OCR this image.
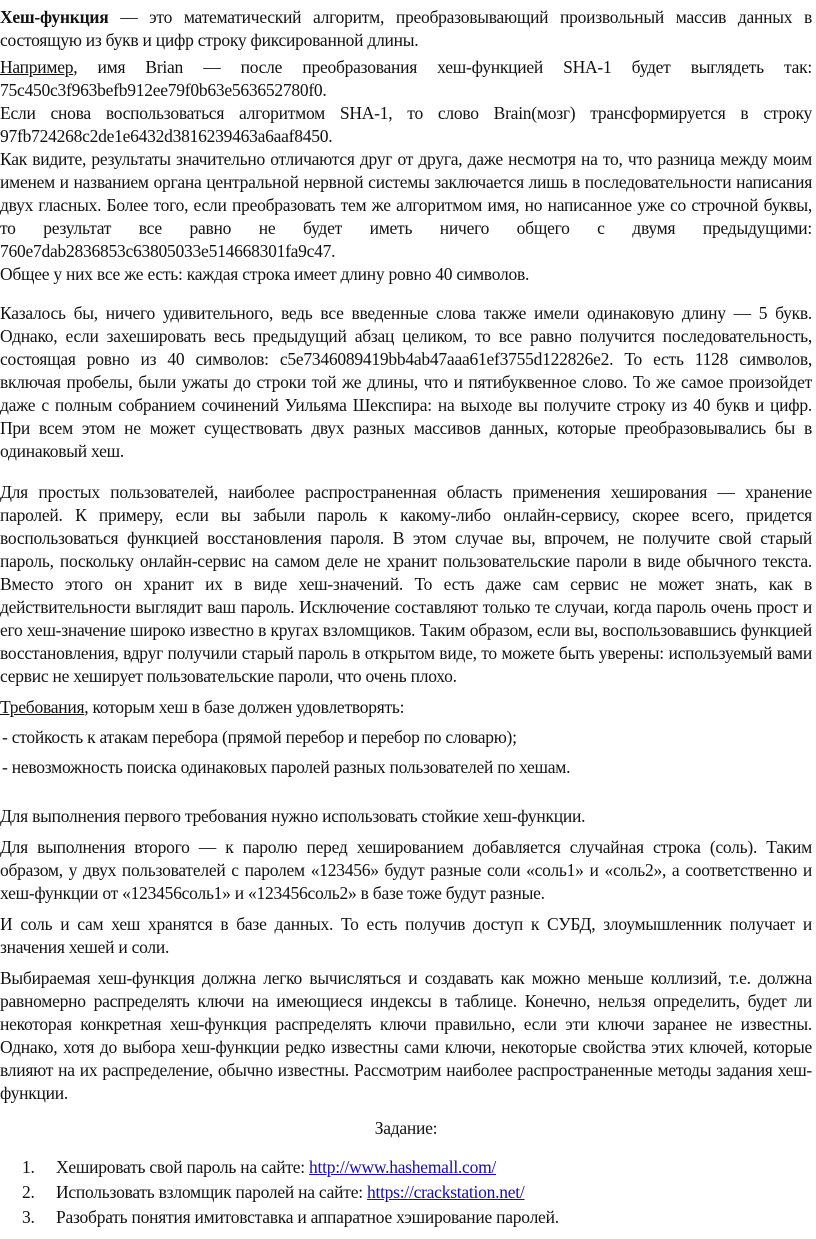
Хеш-функция — это математический алгоритм, преобразовывающий произвольный массив данных в состоящую из букв и цифр строку фиксированной длины.

Например, имя Brian — после преобразования хеш-функцией SHA-1 будет выглядеть так: 75c450c3f963befb912ee79f0b63e563652780f0.

Если снова воспользоваться алгоритмом SHA-1, то слово Brain(мозг) трансформируется в строку 97fb724268c2de1e6432d3816239463a6aaf8450.

Как видите, результаты значительно отличаются друг от друга, даже несмотря на то, что разница между моим именем и названием органа центральной нервной системы заключается лишь в последовательности написания двух гласных. Более того, если преобразовать тем же алгоритмом имя, но написанное уже со строчной буквы, то результат все равно не будет иметь ничего общего с двумя предыдущими: 760e7dab2836853c63805033e514668301fa9c47.

Общее у них все же есть: каждая строка имеет длину ровно 40 символов.

Казалось бы, ничего удивительного, ведь все введенные слова также имели одинаковую длину — 5 букв. Однако, если захешировать весь предыдущий абзац целиком, то все равно получится последовательность, состоящая ровно из 40 символов: c5e7346089419bb4ab47aaa61ef3755d122826e2. То есть 1128 символов, включая пробелы, были ужаты до строки той же длины, что и пятибуквенное слово. То же самое произойдет даже с полным собранием сочинений Уильяма Шекспира: на выходе вы получите строку из 40 букв и цифр. При всем этом не может существовать двух разных массивов данных, которые преобразовывались бы в одинаковый хеш.

Для простых пользователей, наиболее распространенная область применения хеширования — хранение паролей. К примеру, если вы забыли пароль к какому-либо онлайн-сервису, скорее всего, придется воспользоваться функцией восстановления пароля. В этом случае вы, впрочем, не получите свой старый пароль, поскольку онлайн-сервис на самом деле не хранит пользовательские пароли в виде обычного текста. Вместо этого он хранит их в виде хеш-значений. То есть даже сам сервис не может знать, как в действительности выглядит ваш пароль. Исключение составляют только те случаи, когда пароль очень прост и его хеш-значение широко известно в кругах взломщиков. Таким образом, если вы, воспользовавшись функцией восстановления, вдруг получили старый пароль в открытом виде, то можете быть уверены: используемый вами сервис не хеширует пользовательские пароли, что очень плохо.

Требования, которым хеш в базе должен удовлетворять:

- стойкость к атакам перебора (прямой перебор и перебор по словарю);

- невозможность поиска одинаковых паролей разных пользователей по хешам.

Для выполнения первого требования нужно использовать стойкие хеш-функции.

Для выполнения второго — к паролю перед хешированием добавляется случайная строка (соль). Таким образом, у двух пользователей с паролем «123456» будут разные соли «соль1» и «соль2», а соответственно и хеш-функции от «123456соль1» и «123456соль2» в базе тоже будут разные.

И соль и сам хеш хранятся в базе данных. То есть получив доступ к СУБД, злоумышленник получает и значения хешей и соли.

Выбираемая хеш-функция должна легко вычисляться и создавать как можно меньше коллизий, т.е. должна равномерно распределять ключи на имеющиеся индексы в таблице. Конечно, нельзя определить, будет ли некоторая конкретная хеш-функция распределять ключи правильно, если эти ключи заранее не известны. Однако, хотя до выбора хеш-функции редко известны сами ключи, некоторые свойства этих ключей, которые влияют на их распределение, обычно известны. Рассмотрим наиболее распространенные методы задания хеш-функции.

Задание:

1. Хешировать свой пароль на сайте: http://www.hashemall.com/

2. Использовать взломщик паролей на сайте: https://crackstation.net/

3. Разобрать понятия имитовставка и аппаратное хэширование паролей.
